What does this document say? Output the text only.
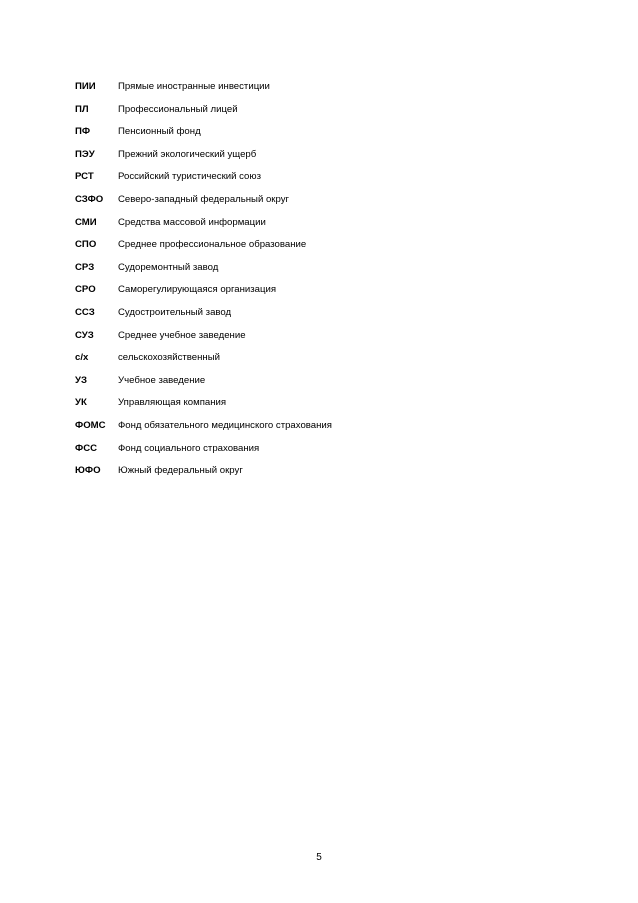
ПИИ	Прямые иностранные инвестиции
ПЛ	Профессиональный лицей
ПФ	Пенсионный фонд
ПЭУ	Прежний экологический ущерб
РСТ	Российский туристический союз
СЗФО	Северо-западный федеральный округ
СМИ	Средства массовой информации
СПО	Среднее профессиональное образование
СРЗ	Судоремонтный завод
СРО	Саморегулирующаяся организация
ССЗ	Судостроительный завод
СУЗ	Среднее учебное заведение
с/х	сельскохозяйственный
УЗ	Учебное заведение
УК	Управляющая компания
ФОМС	Фонд обязательного медицинского страхования
ФСС	Фонд социального страхования
ЮФО	Южный федеральный округ
5
